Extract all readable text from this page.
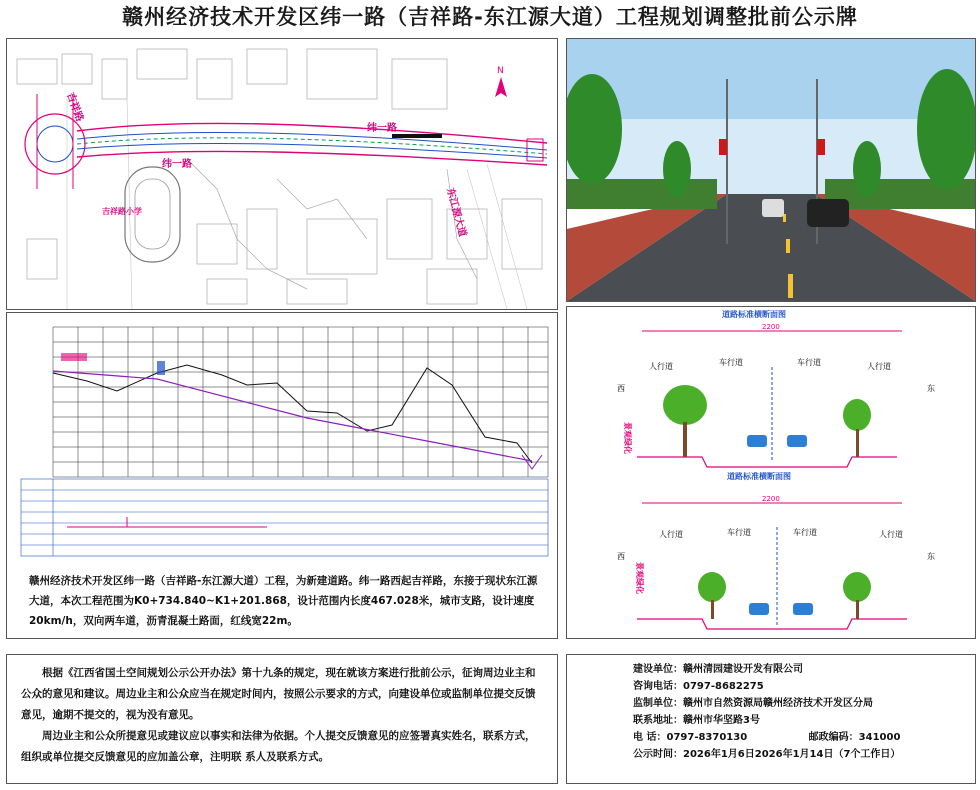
赣州经济技术开发区纬一路（吉祥路-东江源大道）工程规划调整批前公示牌
N
吉祥路
纬一路
纬一路
东江源大道
吉祥路小学
赣州经济技术开发区纬一路（吉祥路-东江源大道）工程，为新建道路。纬一路西起吉祥路，东接于现状东江源大道，本次工程范围为K0+734.840~K1+201.868，设计范围内长度467.028米，城市支路，设计速度20km/h，双向两车道，沥青混凝土路面，红线宽22m。
道路标准横断面图
2200
西	东
景观绿化
人行道	人行道
车行道	车行道
道路标准横断面图
2200
西	东
景观绿化
人行道	人行道
车行道	车行道

根据《江西省国土空间规划公示公开办法》第十九条的规定，现在就该方案进行批前公示，征询周边业主和公众的意见和建议。周边业主和公众应当在规定时间内，按照公示要求的方式，向建设单位或监制单位提交反馈意见，逾期不提交的，视为没有意见。

周边业主和公众所提意见或建议应以事实和法律为依据。个人提交反馈意见的应签署真实姓名，联系方式，组织或单位提交反馈意见的应加盖公章，注明联 系人及联系方式。

建设单位：赣州清园建设开发有限公司
咨询电话：0797-8682275
监制单位：赣州市自然资源局赣州经济技术开发区分局
联系地址：赣州市华坚路3号
电 话：0797-8370130	邮政编码：341000
公示时间：2026年1月6日2026年1月14日（7个工作日）
